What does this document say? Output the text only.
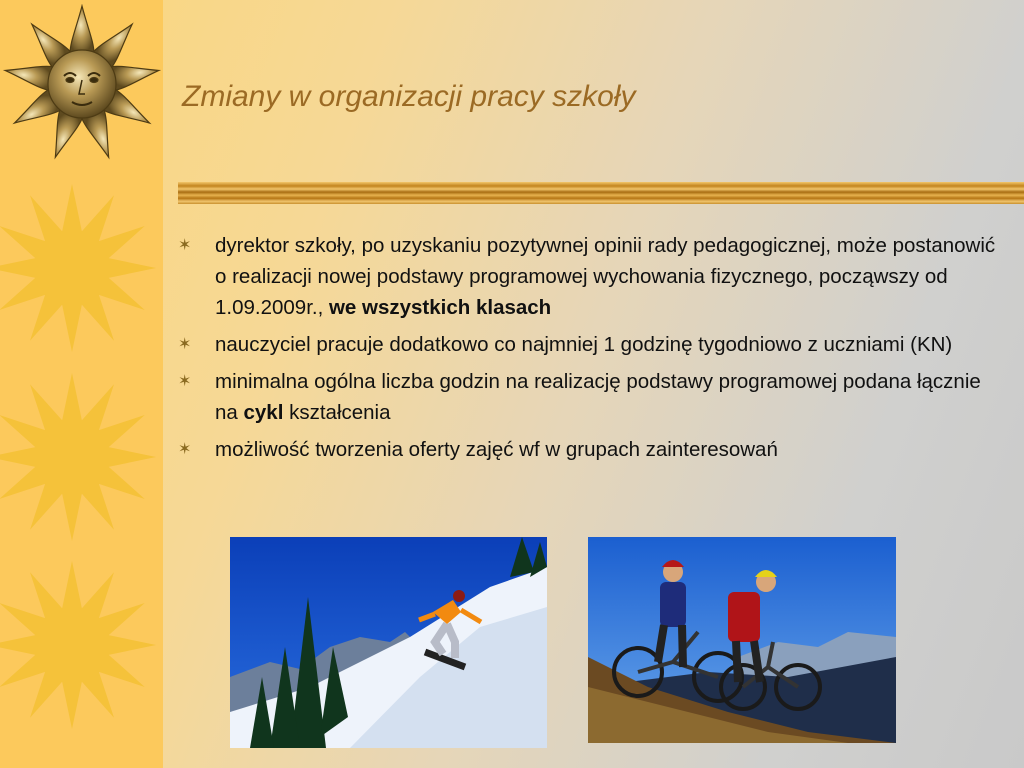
Zmiany w organizacji pracy szkoły
✶ dyrektor szkoły, po uzyskaniu pozytywnej opinii rady pedagogicznej, może postanowić o realizacji nowej podstawy programowej wychowania fizycznego, począwszy od 1.09.2009r., we wszystkich klasach
✶ nauczyciel pracuje dodatkowo co najmniej 1 godzinę tygodniowo z uczniami (KN)
✶ minimalna ogólna liczba godzin na realizację podstawy programowej podana łącznie na cykl kształcenia
✶ możliwość tworzenia oferty zajęć wf w grupach zainteresowań
